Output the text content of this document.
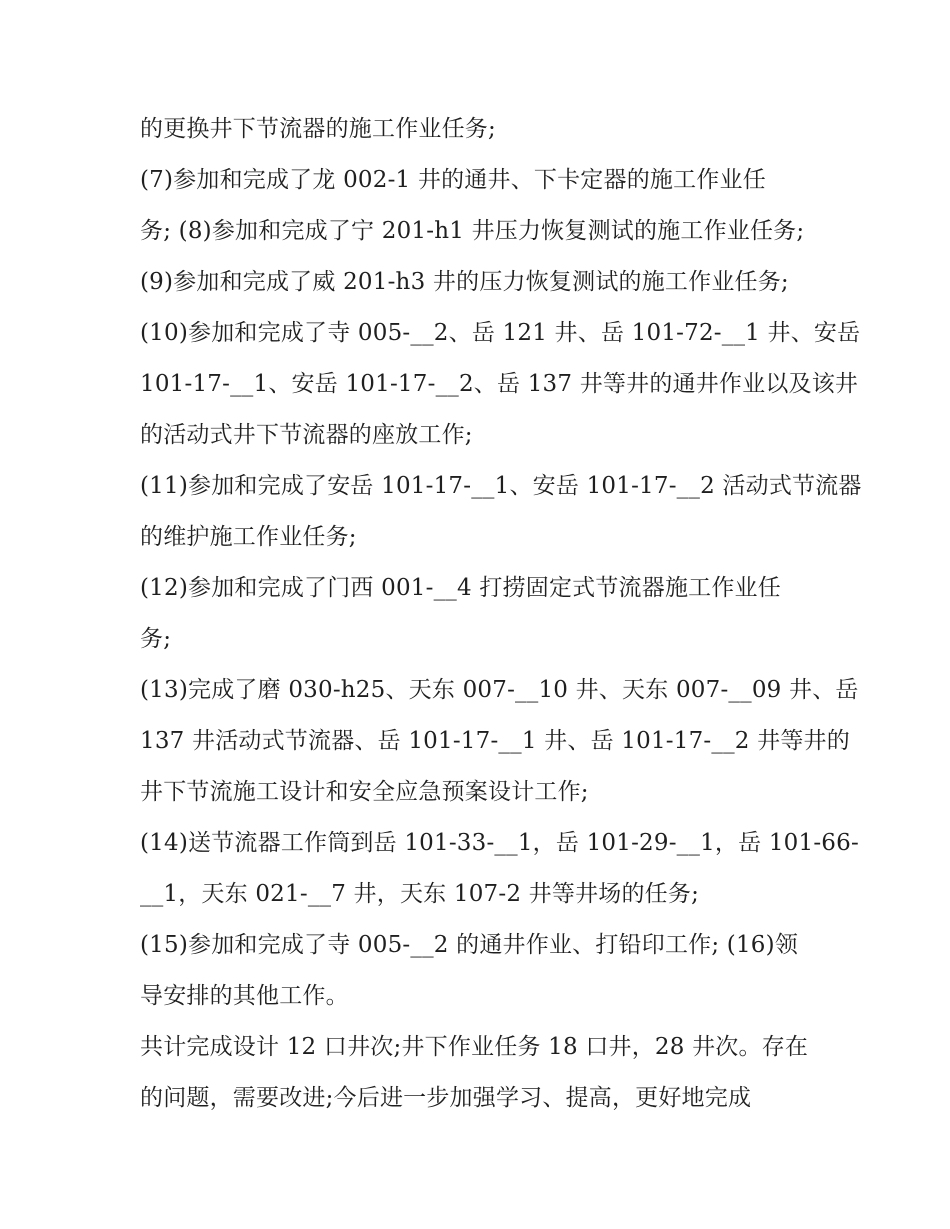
的更换井下节流器的施工作业任务;
(7)参加和完成了龙 002-1 井的通井、下卡定器的施工作业任
务; (8)参加和完成了宁 201-h1 井压力恢复测试的施工作业任务;
(9)参加和完成了威 201-h3 井的压力恢复测试的施工作业任务;
(10)参加和完成了寺 005-__2、岳 121 井、岳 101-72-__1 井、安岳
101-17-__1、安岳 101-17-__2、岳 137 井等井的通井作业以及该井
的活动式井下节流器的座放工作;
(11)参加和完成了安岳 101-17-__1、安岳 101-17-__2 活动式节流器
的维护施工作业任务;
(12)参加和完成了门西 001-__4 打捞固定式节流器施工作业任
务;
(13)完成了磨 030-h25、天东 007-__10 井、天东 007-__09 井、岳
137 井活动式节流器、岳 101-17-__1 井、岳 101-17-__2 井等井的
井下节流施工设计和安全应急预案设计工作;
(14)送节流器工作筒到岳 101-33-__1，岳 101-29-__1，岳 101-66-
__1，天东 021-__7 井，天东 107-2 井等井场的任务;
(15)参加和完成了寺 005-__2 的通井作业、打铅印工作; (16)领
导安排的其他工作。
共计完成设计 12 口井次;井下作业任务 18 口井，28 井次。存在
的问题，需要改进;今后进一步加强学习、提高，更好地完成
